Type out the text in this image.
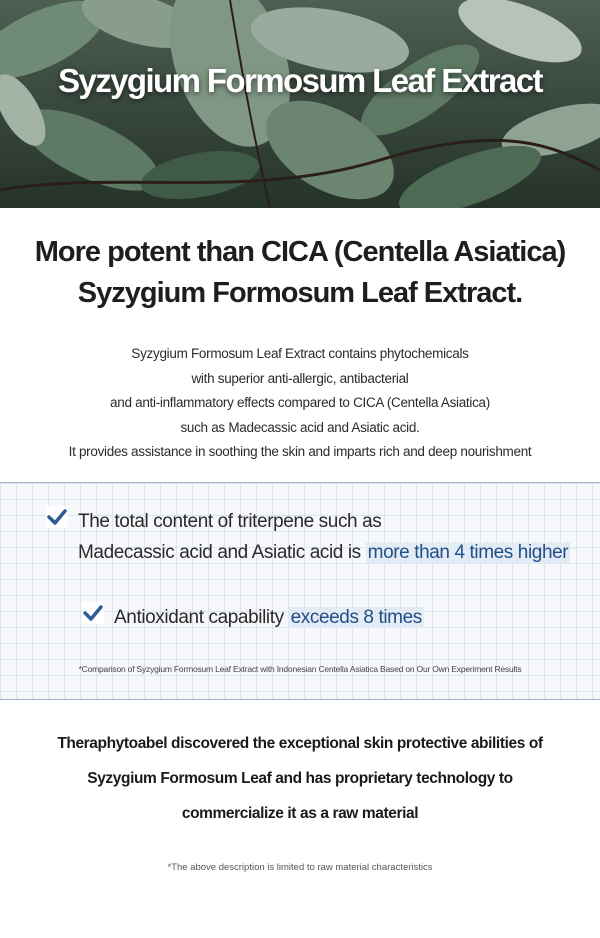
Syzygium Formosum Leaf Extract
More potent than CICA (Centella Asiatica)
Syzygium Formosum Leaf Extract.
Syzygium Formosum Leaf Extract contains phytochemicals
with superior anti-allergic, antibacterial
and anti-inflammatory effects compared to CICA (Centella Asiatica)
such as Madecassic acid and Asiatic acid.
It provides assistance in soothing the skin and imparts rich and deep nourishment
The total content of triterpene such as
Madecassic acid and Asiatic acid is more than 4 times higher
Antioxidant capability exceeds 8 times
*Comparison of Syzygium Formosum Leaf Extract with Indonesian Centella Asiatica Based on Our Own Experiment Results
Theraphytoabel discovered the exceptional skin protective abilities of
Syzygium Formosum Leaf and has proprietary technology to
commercialize it as a raw material
*The above description is limited to raw material characteristics
